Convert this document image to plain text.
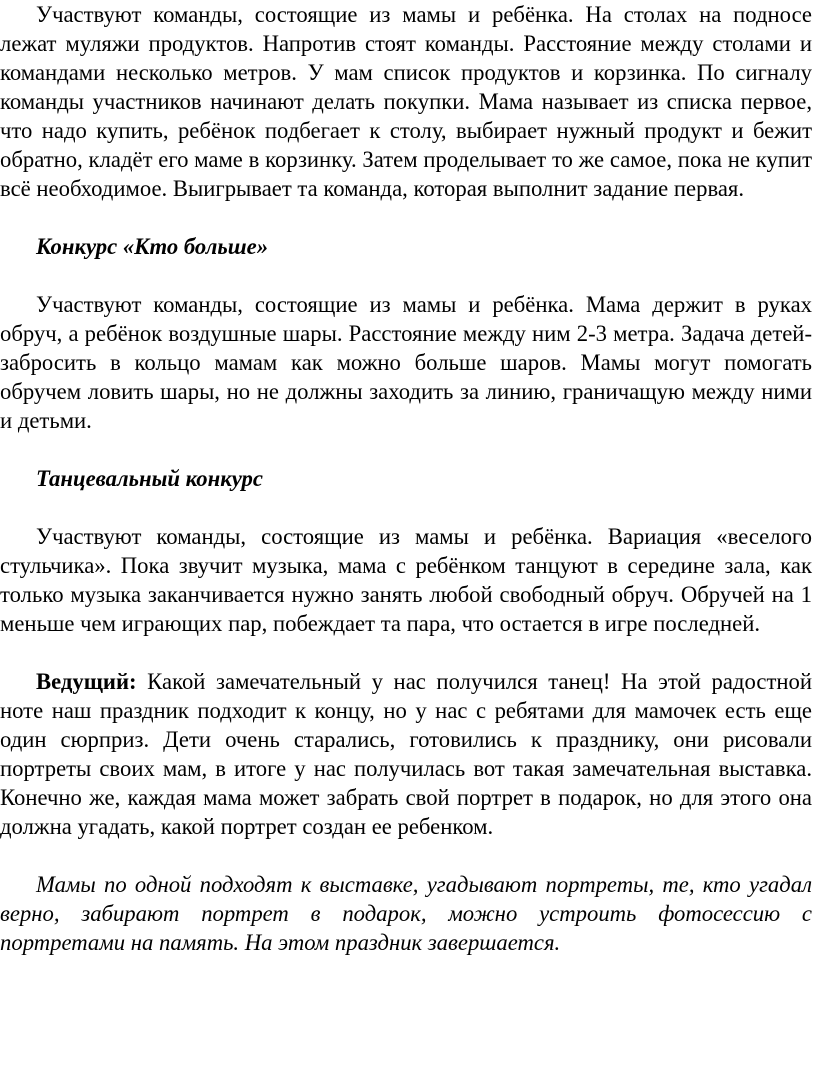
Участвуют команды, состоящие из мамы и ребёнка. На столах на подносе лежат муляжи продуктов. Напротив стоят команды. Расстояние между столами и командами несколько метров. У мам список продуктов и корзинка. По сигналу команды участников начинают делать покупки. Мама называет из списка первое, что надо купить, ребёнок подбегает к столу, выбирает нужный продукт и бежит обратно, кладёт его маме в корзинку. Затем проделывает то же самое, пока не купит всё необходимое. Выигрывает та команда, которая выполнит задание первая.

Конкурс «Кто больше»

Участвуют команды, состоящие из мамы и ребёнка. Мама держит в руках обруч, а ребёнок воздушные шары. Расстояние между ним 2-3 метра. Задача детей-забросить в кольцо мамам как можно больше шаров. Мамы могут помогать обручем ловить шары, но не должны заходить за линию, граничащую между ними и детьми.

Танцевальный конкурс

Участвуют команды, состоящие из мамы и ребёнка. Вариация «веселого стульчика». Пока звучит музыка, мама с ребёнком танцуют в середине зала, как только музыка заканчивается нужно занять любой свободный обруч. Обручей на 1 меньше чем играющих пар, побеждает та пара, что остается в игре последней.

Ведущий: Какой замечательный у нас получился танец! На этой радостной ноте наш праздник подходит к концу, но у нас с ребятами для мамочек есть еще один сюрприз. Дети очень старались, готовились к празднику, они рисовали портреты своих мам, в итоге у нас получилась вот такая замечательная выставка. Конечно же, каждая мама может забрать свой портрет в подарок, но для этого она должна угадать, какой портрет создан ее ребенком.

Мамы по одной подходят к выставке, угадывают портреты, те, кто угадал верно, забирают портрет в подарок, можно устроить фотосессию с портретами на память. На этом праздник завершается.
